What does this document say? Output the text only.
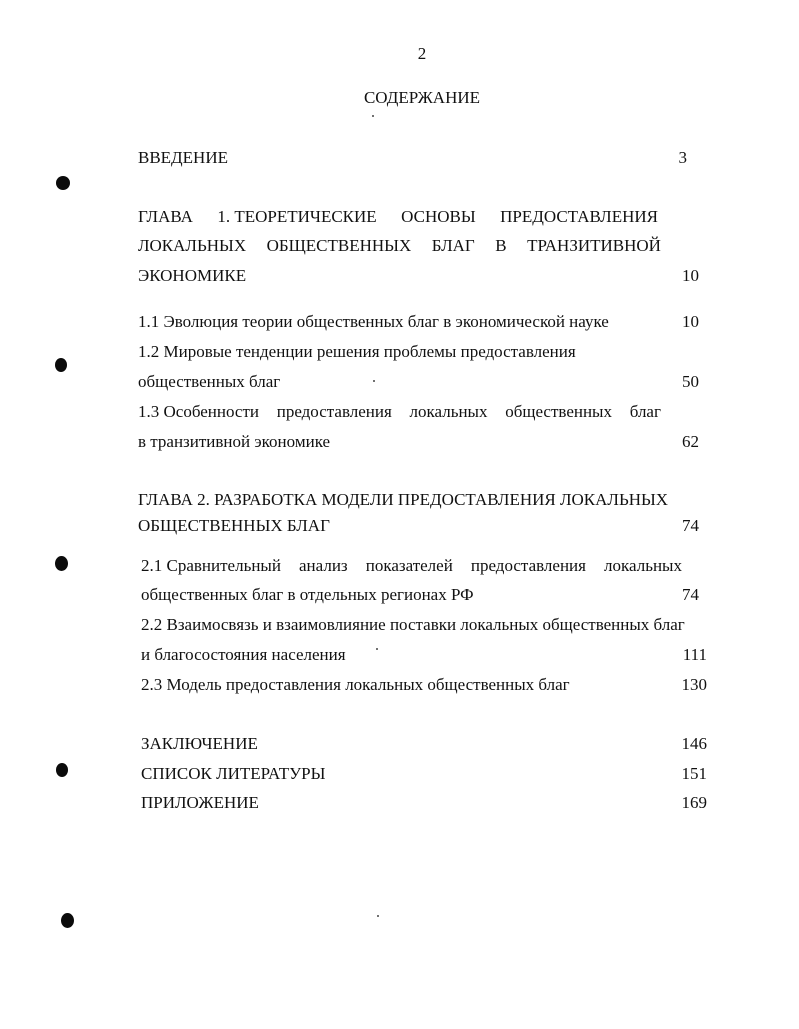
2
СОДЕРЖАНИЕ
ВВЕДЕНИЕ	3
ГЛАВА 1. ТЕОРЕТИЧЕСКИЕ ОСНОВЫ ПРЕДОСТАВЛЕНИЯ
ЛОКАЛЬНЫХ ОБЩЕСТВЕННЫХ БЛАГ В ТРАНЗИТИВНОЙ
ЭКОНОМИКЕ	10
1.1 Эволюция теории общественных благ в экономической науке	10
1.2 Мировые тенденции решения проблемы предоставления
общественных благ	50
1.3 Особенности предоставления локальных общественных благ
в транзитивной экономике	62
ГЛАВА 2. РАЗРАБОТКА МОДЕЛИ ПРЕДОСТАВЛЕНИЯ ЛОКАЛЬНЫХ
ОБЩЕСТВЕННЫХ БЛАГ	74
2.1 Сравнительный анализ показателей предоставления локальных
общественных благ в отдельных регионах РФ	74
2.2 Взаимосвязь и взаимовлияние поставки локальных общественных благ
и благосостояния населения	111
2.3 Модель предоставления локальных общественных благ	130
ЗАКЛЮЧЕНИЕ	146
СПИСОК ЛИТЕРАТУРЫ	151
ПРИЛОЖЕНИЕ	169
